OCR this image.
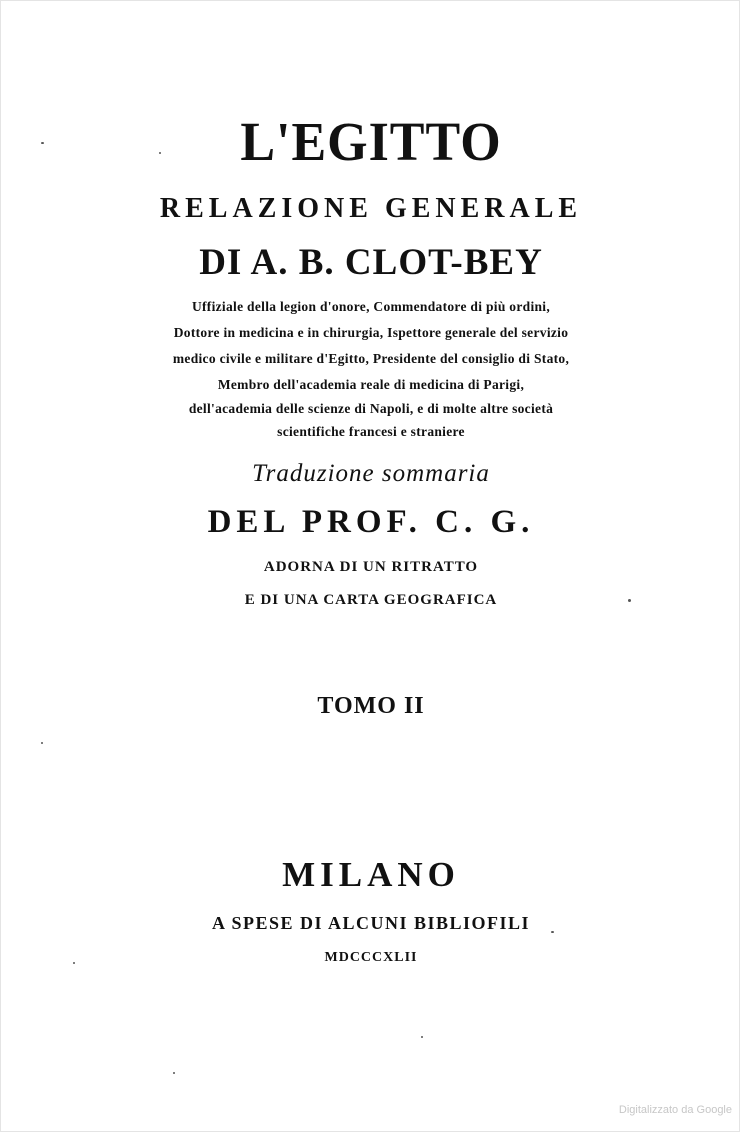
L'EGITTO
RELAZIONE GENERALE
DI A. B. CLOT-BEY
Uffiziale della legion d'onore, Commendatore di più ordini,
Dottore in medicina e in chirurgia, Ispettore generale del servizio
medico civile e militare d'Egitto, Presidente del consiglio di Stato,
Membro dell'academia reale di medicina di Parigi,
dell'academia delle scienze di Napoli, e di molte altre società
scientifiche francesi e straniere
Traduzione sommaria
DEL PROF. C. G.
ADORNA DI UN RITRATTO
E DI UNA CARTA GEOGRAFICA
TOMO II
MILANO
A SPESE DI ALCUNI BIBLIOFILI
MDCCCXLII
Digitalizzato da Google
